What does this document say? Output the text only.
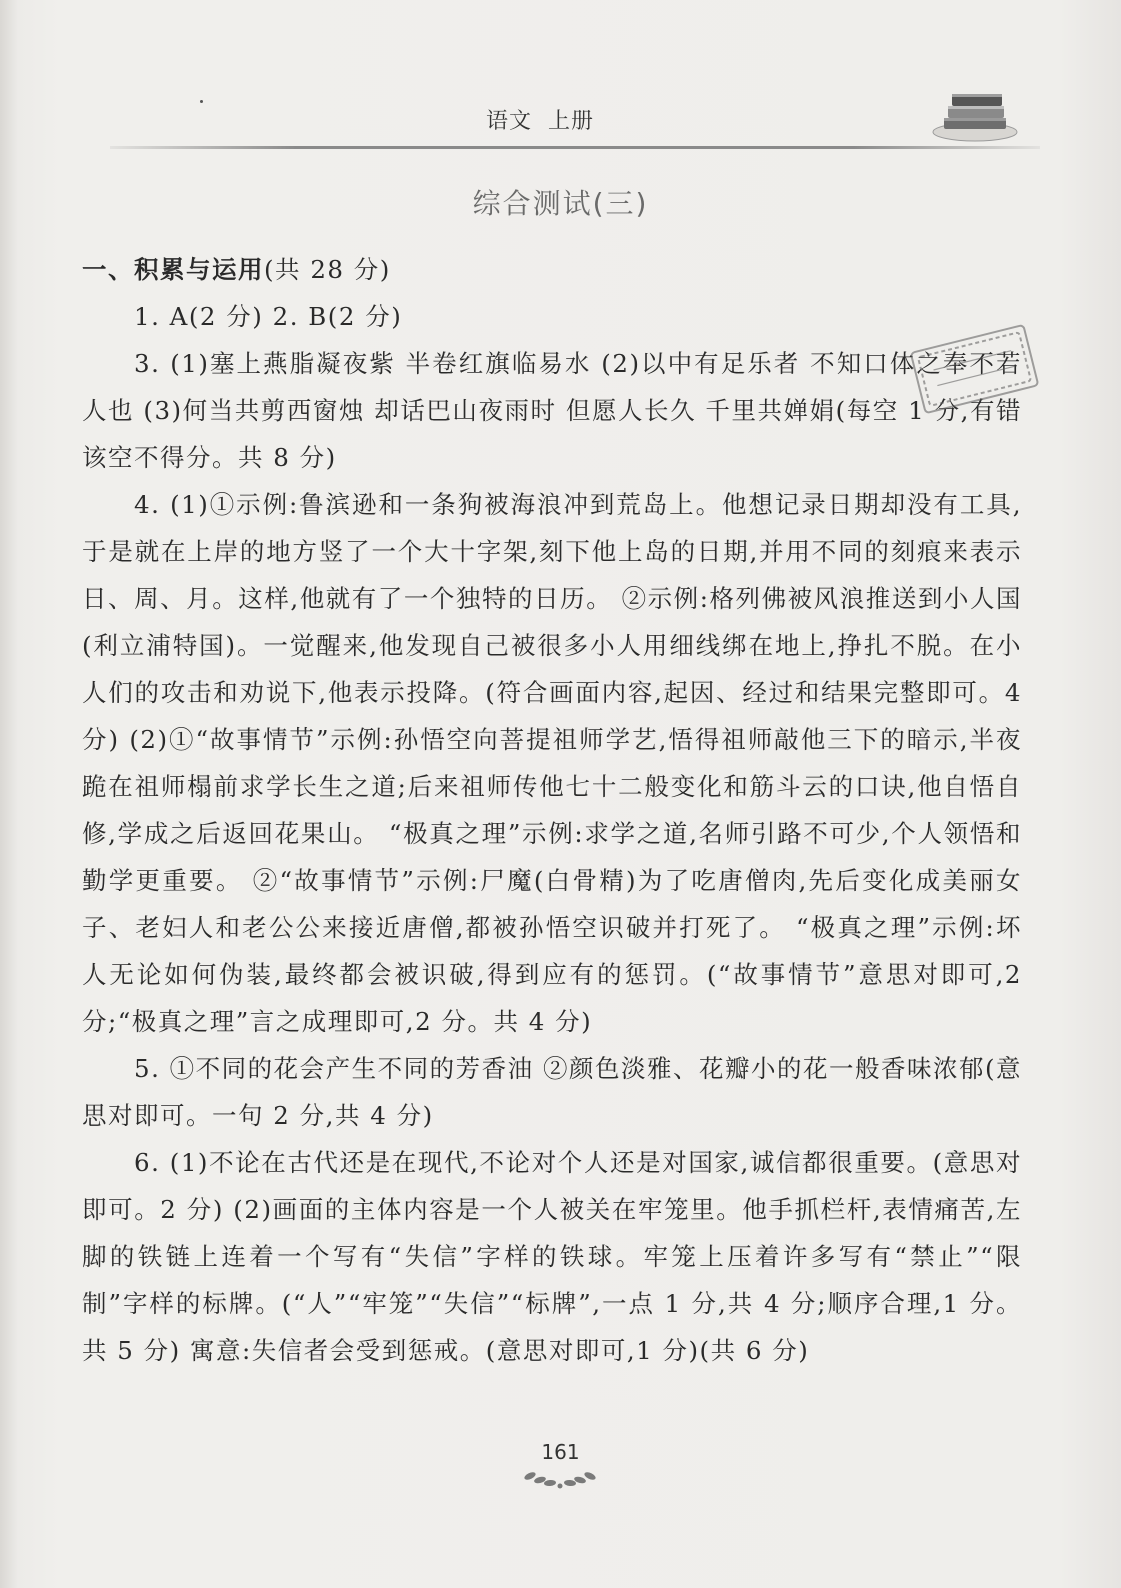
语文  上册
综合测试(三)

一、积累与运用(共 28 分)

1. A(2 分) 2. B(2 分)

3. (1)塞上燕脂凝夜紫 半卷红旗临易水 (2)以中有足乐者 不知口体之奉不若人也 (3)何当共剪西窗烛 却话巴山夜雨时 但愿人长久 千里共婵娟(每空 1 分,有错该空不得分。共 8 分)

4. (1)①示例:鲁滨逊和一条狗被海浪冲到荒岛上。他想记录日期却没有工具,于是就在上岸的地方竖了一个大十字架,刻下他上岛的日期,并用不同的刻痕来表示日、周、月。这样,他就有了一个独特的日历。 ②示例:格列佛被风浪推送到小人国(利立浦特国)。一觉醒来,他发现自己被很多小人用细线绑在地上,挣扎不脱。在小人们的攻击和劝说下,他表示投降。(符合画面内容,起因、经过和结果完整即可。4 分) (2)①“故事情节”示例:孙悟空向菩提祖师学艺,悟得祖师敲他三下的暗示,半夜跪在祖师榻前求学长生之道;后来祖师传他七十二般变化和筋斗云的口诀,他自悟自修,学成之后返回花果山。 “极真之理”示例:求学之道,名师引路不可少,个人领悟和勤学更重要。 ②“故事情节”示例:尸魔(白骨精)为了吃唐僧肉,先后变化成美丽女子、老妇人和老公公来接近唐僧,都被孙悟空识破并打死了。 “极真之理”示例:坏人无论如何伪装,最终都会被识破,得到应有的惩罚。(“故事情节”意思对即可,2 分;“极真之理”言之成理即可,2 分。共 4 分)

5. ①不同的花会产生不同的芳香油 ②颜色淡雅、花瓣小的花一般香味浓郁(意思对即可。一句 2 分,共 4 分)

6. (1)不论在古代还是在现代,不论对个人还是对国家,诚信都很重要。(意思对即可。2 分) (2)画面的主体内容是一个人被关在牢笼里。他手抓栏杆,表情痛苦,左脚的铁链上连着一个写有“失信”字样的铁球。牢笼上压着许多写有“禁止”“限制”字样的标牌。(“人”“牢笼”“失信”“标牌”,一点 1 分,共 4 分;顺序合理,1 分。共 5 分) 寓意:失信者会受到惩戒。(意思对即可,1 分)(共 6 分)

161
